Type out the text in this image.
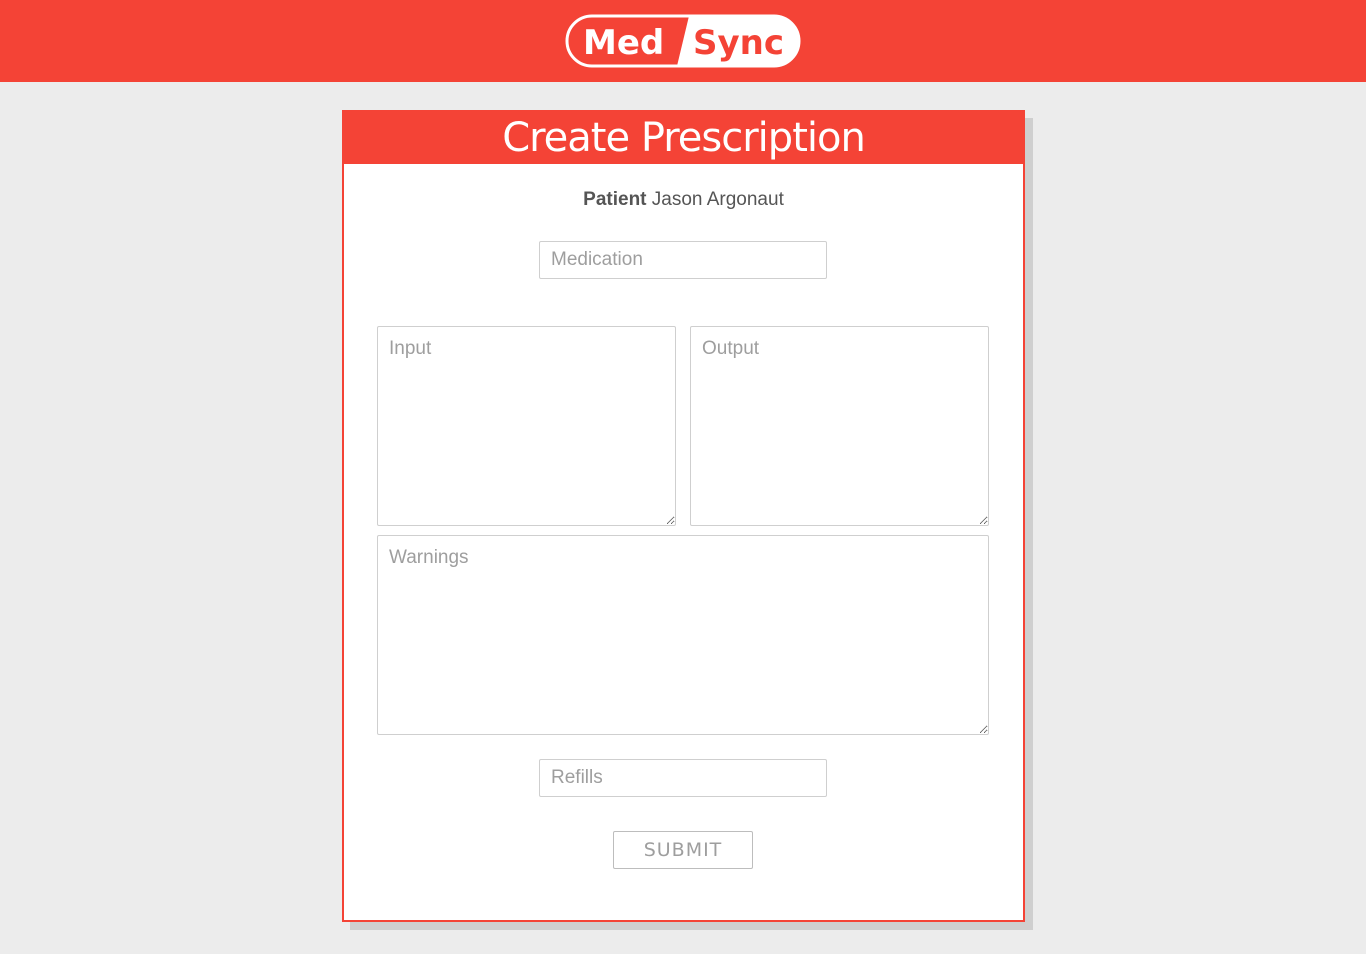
Med Sync
Create Prescription
Patient Jason Argonaut
Medication
Input
Output
Warnings
Refills
SUBMIT
